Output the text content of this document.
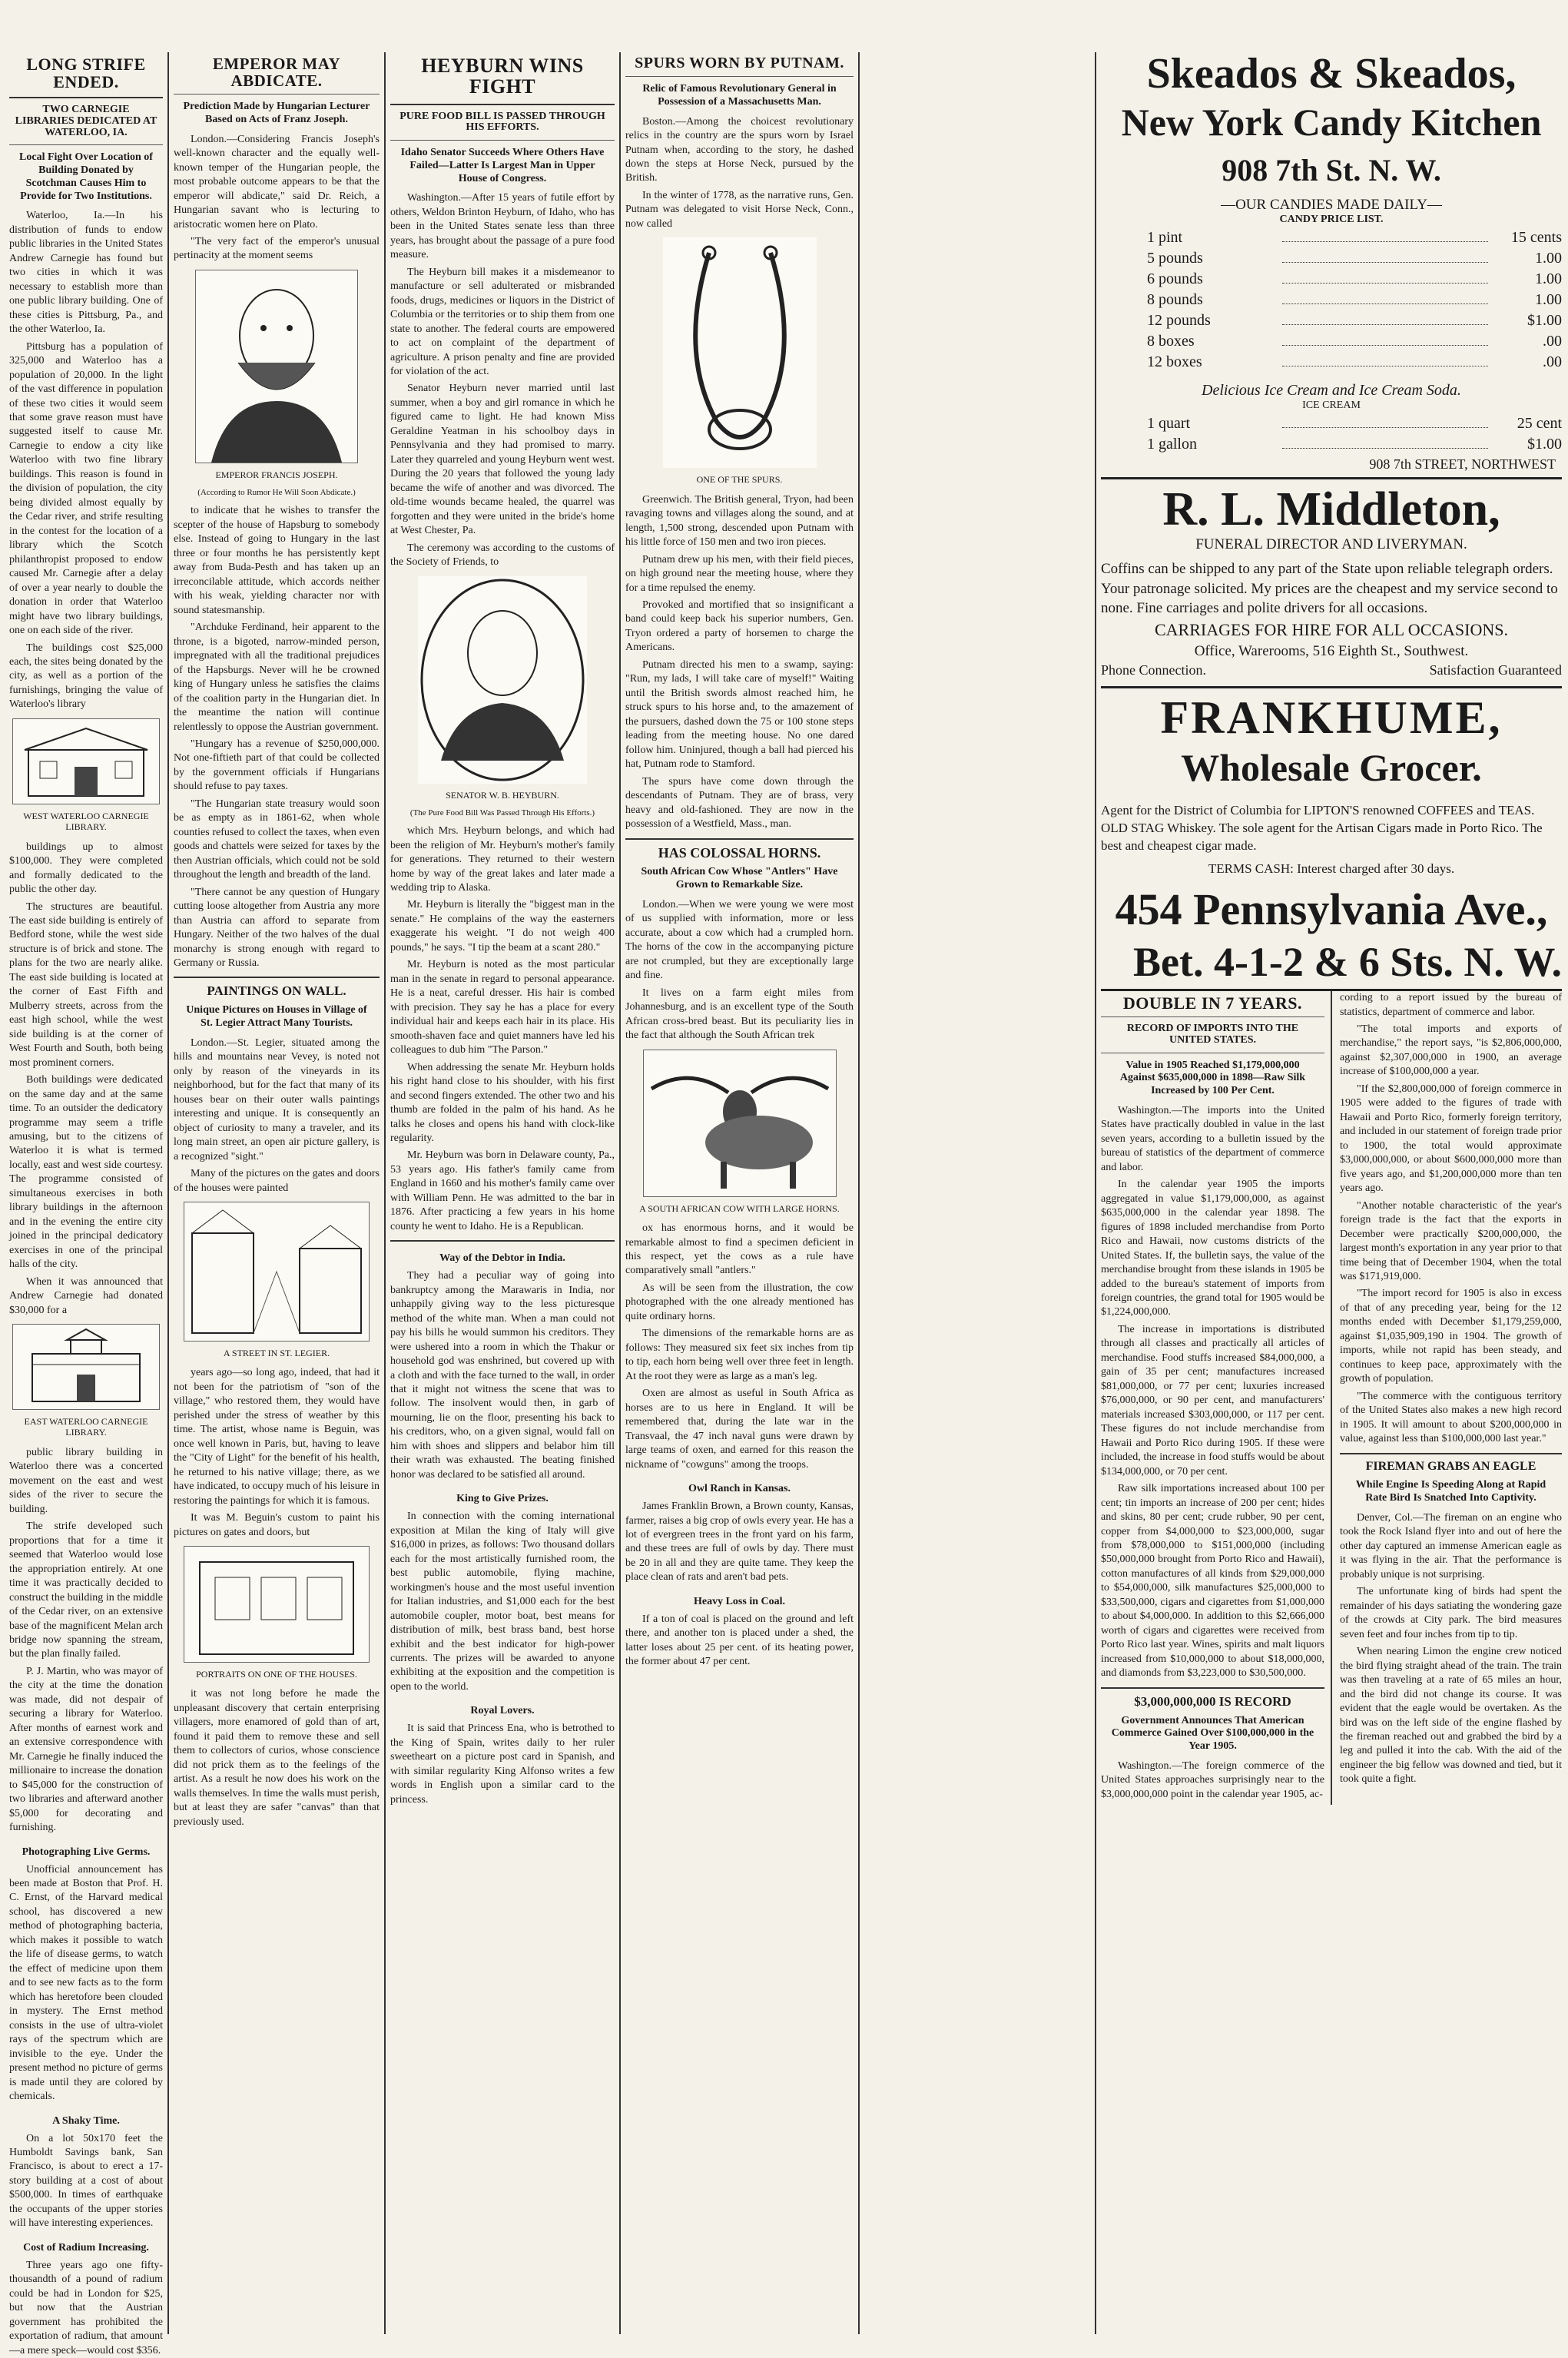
LONG STRIFE ENDED.
TWO CARNEGIE LIBRARIES DEDICATED AT WATERLOO, IA.
Local Fight Over Location of Building Donated by Scotchman Causes Him to Provide for Two Institutions.

Waterloo, Ia.—In his distribution of funds to endow public libraries in the United States Andrew Carnegie has found but two cities in which it was necessary to establish more than one public library building. One of these cities is Pittsburg, Pa., and the other Waterloo, Ia.

Pittsburg has a population of 325,000 and Waterloo has a population of 20,000. In the light of the vast difference in population of these two cities it would seem that some grave reason must have suggested itself to cause Mr. Carnegie to endow a city like Waterloo with two fine library buildings. This reason is found in the division of population, the city being divided almost equally by the Cedar river, and strife resulting in the contest for the location of a library which the Scotch philanthropist proposed to endow caused Mr. Carnegie after a delay of over a year nearly to double the donation in order that Waterloo might have two library buildings, one on each side of the river.

The buildings cost $25,000 each, the sites being donated by the city, as well as a portion of the furnishings, bringing the value of Waterloo's library

WEST WATERLOO CARNEGIE LIBRARY.

buildings up to almost $100,000. They were completed and formally dedicated to the public the other day.

The structures are beautiful. The east side building is entirely of Bedford stone, while the west side structure is of brick and stone. The plans for the two are nearly alike. The east side building is located at the corner of East Fifth and Mulberry streets, across from the east high school, while the west side building is at the corner of West Fourth and South, both being most prominent corners.

Both buildings were dedicated on the same day and at the same time. To an outsider the dedicatory programme may seem a trifle amusing, but to the citizens of Waterloo it is what is termed locally, east and west side courtesy. The programme consisted of simultaneous exercises in both library buildings in the afternoon and in the evening the entire city joined in the principal dedicatory exercises in one of the principal halls of the city.

When it was announced that Andrew Carnegie had donated $30,000 for a

EAST WATERLOO CARNEGIE LIBRARY.

public library building in Waterloo there was a concerted movement on the east and west sides of the river to secure the building.

The strife developed such proportions that for a time it seemed that Waterloo would lose the appropriation entirely. At one time it was practically decided to construct the building in the middle of the Cedar river, on an extensive base of the magnificent Melan arch bridge now spanning the stream, but the plan finally failed.

P. J. Martin, who was mayor of the city at the time the donation was made, did not despair of securing a library for Waterloo. After months of earnest work and an extensive correspondence with Mr. Carnegie he finally induced the millionaire to increase the donation to $45,000 for the construction of two libraries and afterward another $5,000 for decorating and furnishing.

Photographing Live Germs.

Unofficial announcement has been made at Boston that Prof. H. C. Ernst, of the Harvard medical school, has discovered a new method of photographing bacteria, which makes it possible to watch the life of disease germs, to watch the effect of medicine upon them and to see new facts as to the form which has heretofore been clouded in mystery. The Ernst method consists in the use of ultra-violet rays of the spectrum which are invisible to the eye. Under the present method no picture of germs is made until they are colored by chemicals.

A Shaky Time.

On a lot 50x170 feet the Humboldt Savings bank, San Francisco, is about to erect a 17-story building at a cost of about $500,000. In times of earthquake the occupants of the upper stories will have interesting experiences.

Cost of Radium Increasing.

Three years ago one fifty-thousandth of a pound of radium could be had in London for $25, but now that the Austrian government has prohibited the exportation of radium, that amount—a mere speck—would cost $356.

EMPEROR MAY ABDICATE.
Prediction Made by Hungarian Lecturer Based on Acts of Franz Joseph.

London.—Considering Francis Joseph's well-known character and the equally well-known temper of the Hungarian people, the most probable outcome appears to be that the emperor will abdicate," said Dr. Reich, a Hungarian savant who is lecturing to aristocratic women here on Plato.

"The very fact of the emperor's unusual pertinacity at the moment seems

EMPEROR FRANCIS JOSEPH.
(According to Rumor He Will Soon Abdicate.)

to indicate that he wishes to transfer the scepter of the house of Hapsburg to somebody else. Instead of going to Hungary in the last three or four months he has persistently kept away from Buda-Pesth and has taken up an irreconcilable attitude, which accords neither with his weak, yielding character nor with sound statesmanship.

"Archduke Ferdinand, heir apparent to the throne, is a bigoted, narrow-minded person, impregnated with all the traditional prejudices of the Hapsburgs. Never will he be crowned king of Hungary unless he satisfies the claims of the coalition party in the Hungarian diet. In the meantime the nation will continue relentlessly to oppose the Austrian government.

"Hungary has a revenue of $250,000,000. Not one-fiftieth part of that could be collected by the government officials if Hungarians should refuse to pay taxes.

"The Hungarian state treasury would soon be as empty as in 1861-62, when whole counties refused to collect the taxes, when even goods and chattels were seized for taxes by the then Austrian officials, which could not be sold throughout the length and breadth of the land.

"There cannot be any question of Hungary cutting loose altogether from Austria any more than Austria can afford to separate from Hungary. Neither of the two halves of the dual monarchy is strong enough with regard to Germany or Russia.

PAINTINGS ON WALL.
Unique Pictures on Houses in Village of St. Legier Attract Many Tourists.

London.—St. Legier, situated among the hills and mountains near Vevey, is noted not only by reason of the vineyards in its neighborhood, but for the fact that many of its houses bear on their outer walls paintings interesting and unique. It is consequently an object of curiosity to many a traveler, and its long main street, an open air picture gallery, is a recognized "sight."

Many of the pictures on the gates and doors of the houses were painted

A STREET IN ST. LEGIER.

years ago—so long ago, indeed, that had it not been for the patriotism of "son of the village," who restored them, they would have perished under the stress of weather by this time. The artist, whose name is Beguin, was once well known in Paris, but, having to leave the "City of Light" for the benefit of his health, he returned to his native village; there, as we have indicated, to occupy much of his leisure in restoring the paintings for which it is famous.

It was M. Beguin's custom to paint his pictures on gates and doors, but

PORTRAITS ON ONE OF THE HOUSES.

it was not long before he made the unpleasant discovery that certain enterprising villagers, more enamored of gold than of art, found it paid them to remove these and sell them to collectors of curios, whose conscience did not prick them as to the feelings of the artist. As a result he now does his work on the walls themselves. In time the walls must perish, but at least they are safer "canvas" than that previously used.

HEYBURN WINS FIGHT
PURE FOOD BILL IS PASSED THROUGH HIS EFFORTS.
Idaho Senator Succeeds Where Others Have Failed—Latter Is Largest Man in Upper House of Congress.

Washington.—After 15 years of futile effort by others, Weldon Brinton Heyburn, of Idaho, who has been in the United States senate less than three years, has brought about the passage of a pure food measure.

The Heyburn bill makes it a misdemeanor to manufacture or sell adulterated or misbranded foods, drugs, medicines or liquors in the District of Columbia or the territories or to ship them from one state to another. The federal courts are empowered to act on complaint of the department of agriculture. A prison penalty and fine are provided for violation of the act.

Senator Heyburn never married until last summer, when a boy and girl romance in which he figured came to light. He had known Miss Geraldine Yeatman in his schoolboy days in Pennsylvania and they had promised to marry. Later they quarreled and young Heyburn went west. During the 20 years that followed the young lady became the wife of another and was divorced. The old-time wounds became healed, the quarrel was forgotten and they were united in the bride's home at West Chester, Pa.

The ceremony was according to the customs of the Society of Friends, to

SENATOR W. B. HEYBURN.
(The Pure Food Bill Was Passed Through His Efforts.)

which Mrs. Heyburn belongs, and which had been the religion of Mr. Heyburn's mother's family for generations. They returned to their western home by way of the great lakes and later made a wedding trip to Alaska.

Mr. Heyburn is literally the "biggest man in the senate." He complains of the way the easterners exaggerate his weight. "I do not weigh 400 pounds," he says. "I tip the beam at a scant 280."

Mr. Heyburn is noted as the most particular man in the senate in regard to personal appearance. He is a neat, careful dresser. His hair is combed with precision. They say he has a place for every individual hair and keeps each hair in its place. His smooth-shaven face and quiet manners have led his colleagues to dub him "The Parson."

When addressing the senate Mr. Heyburn holds his right hand close to his shoulder, with his first and second fingers extended. The other two and his thumb are folded in the palm of his hand. As he talks he closes and opens his hand with clock-like regularity.

Mr. Heyburn was born in Delaware county, Pa., 53 years ago. His father's family came from England in 1660 and his mother's family came over with William Penn. He was admitted to the bar in 1876. After practicing a few years in his home county he went to Idaho. He is a Republican.

Way of the Debtor in India.

They had a peculiar way of going into bankruptcy among the Marawaris in India, nor unhappily giving way to the less picturesque method of the white man. When a man could not pay his bills he would summon his creditors. They were ushered into a room in which the Thakur or household god was enshrined, but covered up with a cloth and with the face turned to the wall, in order that it might not witness the scene that was to follow. The insolvent would then, in garb of mourning, lie on the floor, presenting his back to his creditors, who, on a given signal, would fall on him with shoes and slippers and belabor him till their wrath was exhausted. The beating finished honor was declared to be satisfied all around.

King to Give Prizes.

In connection with the coming international exposition at Milan the king of Italy will give $16,000 in prizes, as follows: Two thousand dollars each for the most artistically furnished room, the best public automobile, flying machine, workingmen's house and the most useful invention for Italian industries, and $1,000 each for the best automobile coupler, motor boat, best means for distribution of milk, best brass band, best horse exhibit and the best indicator for high-power currents. The prizes will be awarded to anyone exhibiting at the exposition and the competition is open to the world.

Royal Lovers.

It is said that Princess Ena, who is betrothed to the King of Spain, writes daily to her ruler sweetheart on a picture post card in Spanish, and with similar regularity King Alfonso writes a few words in English upon a similar card to the princess.

SPURS WORN BY PUTNAM.
Relic of Famous Revolutionary General in Possession of a Massachusetts Man.

Boston.—Among the choicest revolutionary relics in the country are the spurs worn by Israel Putnam when, according to the story, he dashed down the steps at Horse Neck, pursued by the British.

In the winter of 1778, as the narrative runs, Gen. Putnam was delegated to visit Horse Neck, Conn., now called

ONE OF THE SPURS.

Greenwich. The British general, Tryon, had been ravaging towns and villages along the sound, and at length, 1,500 strong, descended upon Putnam with his little force of 150 men and two iron pieces.

Putnam drew up his men, with their field pieces, on high ground near the meeting house, where they for a time repulsed the enemy.

Provoked and mortified that so insignificant a band could keep back his superior numbers, Gen. Tryon ordered a party of horsemen to charge the Americans.

Putnam directed his men to a swamp, saying: "Run, my lads, I will take care of myself!" Waiting until the British swords almost reached him, he struck spurs to his horse and, to the amazement of the pursuers, dashed down the 75 or 100 stone steps leading from the meeting house. No one dared follow him. Uninjured, though a ball had pierced his hat, Putnam rode to Stamford.

The spurs have come down through the descendants of Putnam. They are of brass, very heavy and old-fashioned. They are now in the possession of a Westfield, Mass., man.

HAS COLOSSAL HORNS.
South African Cow Whose "Antlers" Have Grown to Remarkable Size.

London.—When we were young we were most of us supplied with information, more or less accurate, about a cow which had a crumpled horn. The horns of the cow in the accompanying picture are not crumpled, but they are exceptionally large and fine.

It lives on a farm eight miles from Johannesburg, and is an excellent type of the South African cross-bred beast. But its peculiarity lies in the fact that although the South African trek

A SOUTH AFRICAN COW WITH LARGE HORNS.

ox has enormous horns, and it would be remarkable almost to find a specimen deficient in this respect, yet the cows as a rule have comparatively small "antlers."

As will be seen from the illustration, the cow photographed with the one already mentioned has quite ordinary horns.

The dimensions of the remarkable horns are as follows: They measured six feet six inches from tip to tip, each horn being well over three feet in length. At the root they were as large as a man's leg.

Oxen are almost as useful in South Africa as horses are to us here in England. It will be remembered that, during the late war in the Transvaal, the 47 inch naval guns were drawn by large teams of oxen, and earned for this reason the nickname of "cowguns" among the troops.

Owl Ranch in Kansas.

James Franklin Brown, a Brown county, Kansas, farmer, raises a big crop of owls every year. He has a lot of evergreen trees in the front yard on his farm, and these trees are full of owls by day. There must be 20 in all and they are quite tame. They keep the place clean of rats and aren't bad pets.

Heavy Loss in Coal.

If a ton of coal is placed on the ground and left there, and another ton is placed under a shed, the latter loses about 25 per cent. of its heating power, the former about 47 per cent.

Skeados & Skeados,
New York Candy Kitchen
908 7th St. N. W.
—OUR CANDIES MADE DAILY—
CANDY PRICE LIST.
1 pint	15 cents
5 pounds	1.00
6 pounds	1.00
8 pounds	1.00
12 pounds	$1.00
8 boxes	.00
12 boxes	.00
Delicious Ice Cream and Ice Cream Soda.
ICE CREAM
1 quart	25 cent
1 gallon	$1.00
908 7th STREET, NORTHWEST
R. L. Middleton,
FUNERAL DIRECTOR AND LIVERYMAN.
Coffins can be shipped to any part of the State upon reliable telegraph orders. Your patronage solicited. My prices are the cheapest and my service second to none. Fine carriages and polite drivers for all occasions.
CARRIAGES FOR HIRE FOR ALL OCCASIONS.
Office, Warerooms, 516 Eighth St., Southwest.
Phone Connection.	Satisfaction Guaranteed
FRANKHUME,
Wholesale Grocer.
Agent for the District of Columbia for LIPTON'S renowned COFFEES and TEAS. OLD STAG Whiskey. The sole agent for the Artisan Cigars made in Porto Rico. The best and cheapest cigar made.
TERMS CASH: Interest charged after 30 days.
454 Pennsylvania Ave.,
Bet. 4-1-2 & 6 Sts. N. W.
DOUBLE IN 7 YEARS.
RECORD OF IMPORTS INTO THE UNITED STATES.
Value in 1905 Reached $1,179,000,000 Against $635,000,000 in 1898—Raw Silk Increased by 100 Per Cent.

Washington.—The imports into the United States have practically doubled in value in the last seven years, according to a bulletin issued by the bureau of statistics of the department of commerce and labor.

In the calendar year 1905 the imports aggregated in value $1,179,000,000, as against $635,000,000 in the calendar year 1898. The figures of 1898 included merchandise from Porto Rico and Hawaii, now customs districts of the United States. If, the bulletin says, the value of the merchandise brought from these islands in 1905 be added to the bureau's statement of imports from foreign countries, the grand total for 1905 would be $1,224,000,000.

The increase in importations is distributed through all classes and practically all articles of merchandise. Food stuffs increased $84,000,000, a gain of 35 per cent; manufactures increased $81,000,000, or 77 per cent; luxuries increased $76,000,000, or 90 per cent, and manufacturers' materials increased $303,000,000, or 117 per cent. These figures do not include merchandise from Hawaii and Porto Rico during 1905. If these were included, the increase in food stuffs would be about $134,000,000, or 70 per cent.

Raw silk importations increased about 100 per cent; tin imports an increase of 200 per cent; hides and skins, 80 per cent; crude rubber, 90 per cent, copper from $4,000,000 to $23,000,000, sugar from $78,000,000 to $151,000,000 (including $50,000,000 brought from Porto Rico and Hawaii), cotton manufactures of all kinds from $29,000,000 to $54,000,000, silk manufactures $25,000,000 to $33,500,000, cigars and cigarettes from $1,000,000 to about $4,000,000. In addition to this $2,666,000 worth of cigars and cigarettes were received from Porto Rico last year. Wines, spirits and malt liquors increased from $10,000,000 to about $18,000,000, and diamonds from $3,223,000 to $30,500,000.

$3,000,000,000 IS RECORD
Government Announces That American Commerce Gained Over $100,000,000 in the Year 1905.

Washington.—The foreign commerce of the United States approaches surprisingly near to the $3,000,000,000 point in the calendar year 1905, ac-

cording to a report issued by the bureau of statistics, department of commerce and labor.

"The total imports and exports of merchandise," the report says, "is $2,806,000,000, against $2,307,000,000 in 1900, an average increase of $100,000,000 a year.

"If the $2,800,000,000 of foreign commerce in 1905 were added to the figures of trade with Hawaii and Porto Rico, formerly foreign territory, and included in our statement of foreign trade prior to 1900, the total would approximate $3,000,000,000, or about $600,000,000 more than five years ago, and $1,200,000,000 more than ten years ago.

"Another notable characteristic of the year's foreign trade is the fact that the exports in December were practically $200,000,000, the largest month's exportation in any year prior to that time being that of December 1904, when the total was $171,919,000.

"The import record for 1905 is also in excess of that of any preceding year, being for the 12 months ended with December $1,179,259,000, against $1,035,909,190 in 1904. The growth of imports, while not rapid has been steady, and continues to keep pace, approximately with the growth of population.

"The commerce with the contiguous territory of the United States also makes a new high record in 1905. It will amount to about $200,000,000 in value, against less than $100,000,000 last year."

FIREMAN GRABS AN EAGLE
While Engine Is Speeding Along at Rapid Rate Bird Is Snatched Into Captivity.

Denver, Col.—The fireman on an engine who took the Rock Island flyer into and out of here the other day captured an immense American eagle as it was flying in the air. That the performance is probably unique is not surprising.

The unfortunate king of birds had spent the remainder of his days satiating the wondering gaze of the crowds at City park. The bird measures seven feet and four inches from tip to tip.

When nearing Limon the engine crew noticed the bird flying straight ahead of the train. The train was then traveling at a rate of 65 miles an hour, and the bird did not change its course. It was evident that the eagle would be overtaken. As the bird was on the left side of the engine flashed by the fireman reached out and grabbed the bird by a leg and pulled it into the cab. With the aid of the engineer the big fellow was downed and tied, but it took quite a fight.
